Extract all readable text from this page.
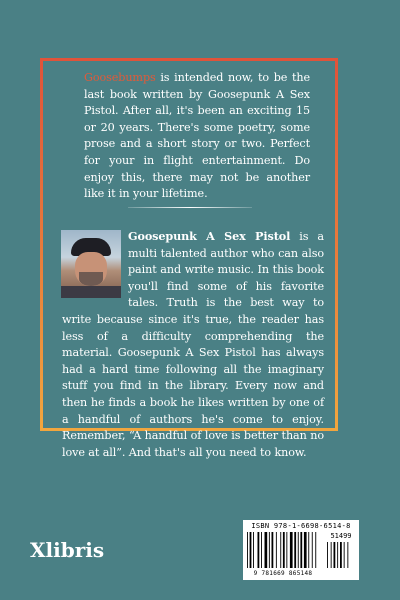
Goosebumps is intended now, to be the last book written by Goosepunk A Sex Pistol. After all, it's been an exciting 15 or 20 years. There's some poetry, some prose and a short story or two. Perfect for your in flight entertainment. Do enjoy this, there may not be another like it in your lifetime.
Goosepunk A Sex Pistol is a multi talented author who can also paint and write music. In this book you'll find some of his favorite tales. Truth is the best way to write because since it's true, the reader has less of a difficulty comprehending the material. Goosepunk A Sex Pistol has always had a hard time following all the imaginary stuff you find in the library. Every now and then he finds a book he likes written by one of a handful of authors he's come to enjoy. Remember, “A handful of love is better than no love at all”. And that's all you need to know.
Xlibris
ISBN 978-1-6698-6514-8
51499
9 781669 865148
